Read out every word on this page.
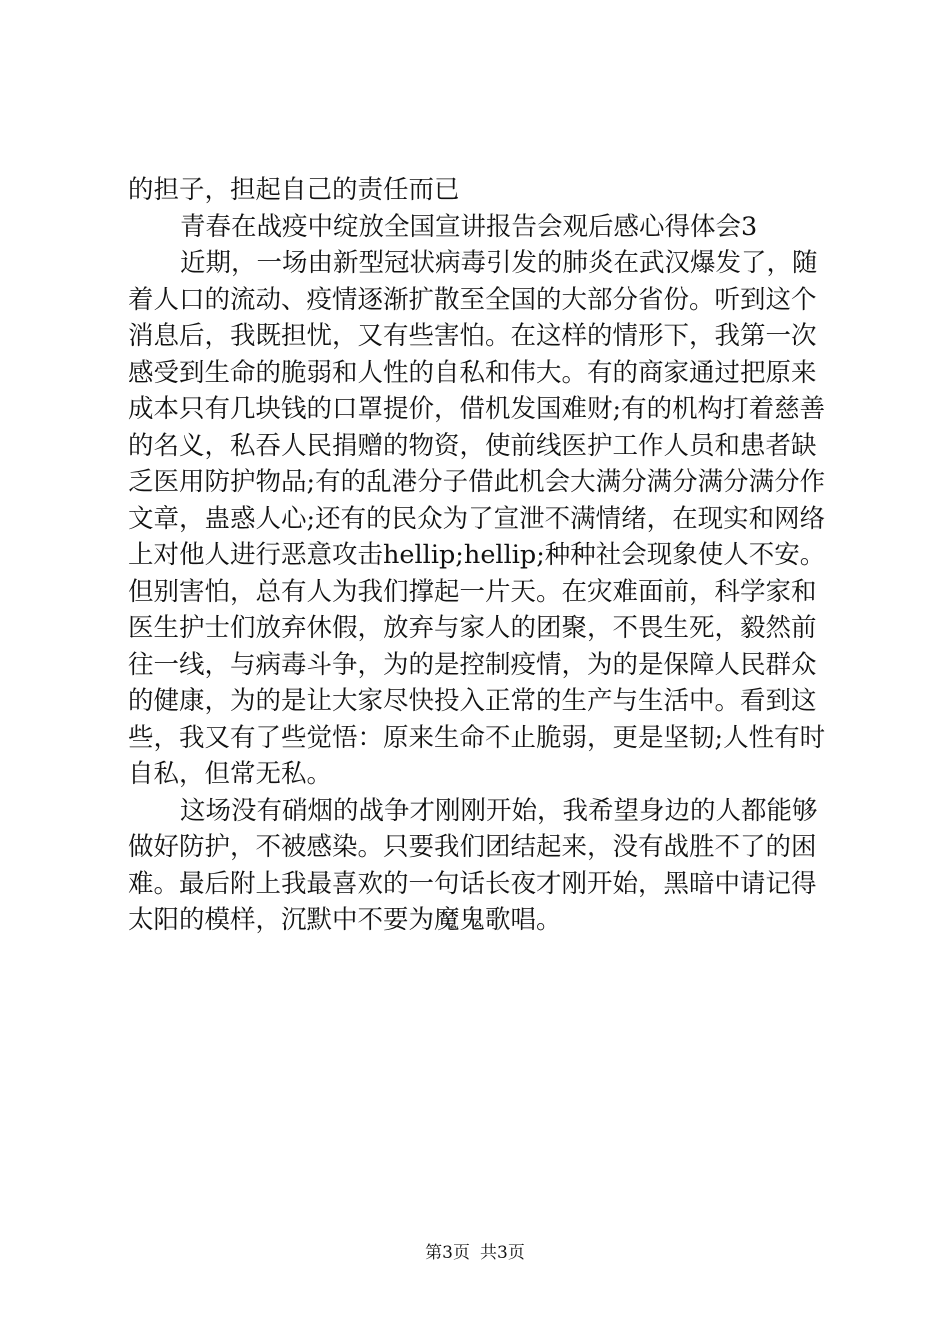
的担子，担起自己的责任而已
青春在战疫中绽放全国宣讲报告会观后感心得体会3
近期，一场由新型冠状病毒引发的肺炎在武汉爆发了，随
着人口的流动、疫情逐渐扩散至全国的大部分省份。听到这个
消息后，我既担忧，又有些害怕。在这样的情形下，我第一次
感受到生命的脆弱和人性的自私和伟大。有的商家通过把原来
成本只有几块钱的口罩提价，借机发国难财;有的机构打着慈善
的名义，私吞人民捐赠的物资，使前线医护工作人员和患者缺
乏医用防护物品;有的乱港分子借此机会大满分满分满分满分作
文章，蛊惑人心;还有的民众为了宣泄不满情绪，在现实和网络
上对他人进行恶意攻击hellip;hellip;种种社会现象使人不安。
但别害怕，总有人为我们撑起一片天。在灾难面前，科学家和
医生护士们放弃休假，放弃与家人的团聚，不畏生死，毅然前
往一线，与病毒斗争，为的是控制疫情，为的是保障人民群众
的健康，为的是让大家尽快投入正常的生产与生活中。看到这
些，我又有了些觉悟：原来生命不止脆弱，更是坚韧;人性有时
自私，但常无私。
这场没有硝烟的战争才刚刚开始，我希望身边的人都能够
做好防护，不被感染。只要我们团结起来，没有战胜不了的困
难。最后附上我最喜欢的一句话长夜才刚开始，黑暗中请记得
太阳的模样，沉默中不要为魔鬼歌唱。
第3页 共3页
